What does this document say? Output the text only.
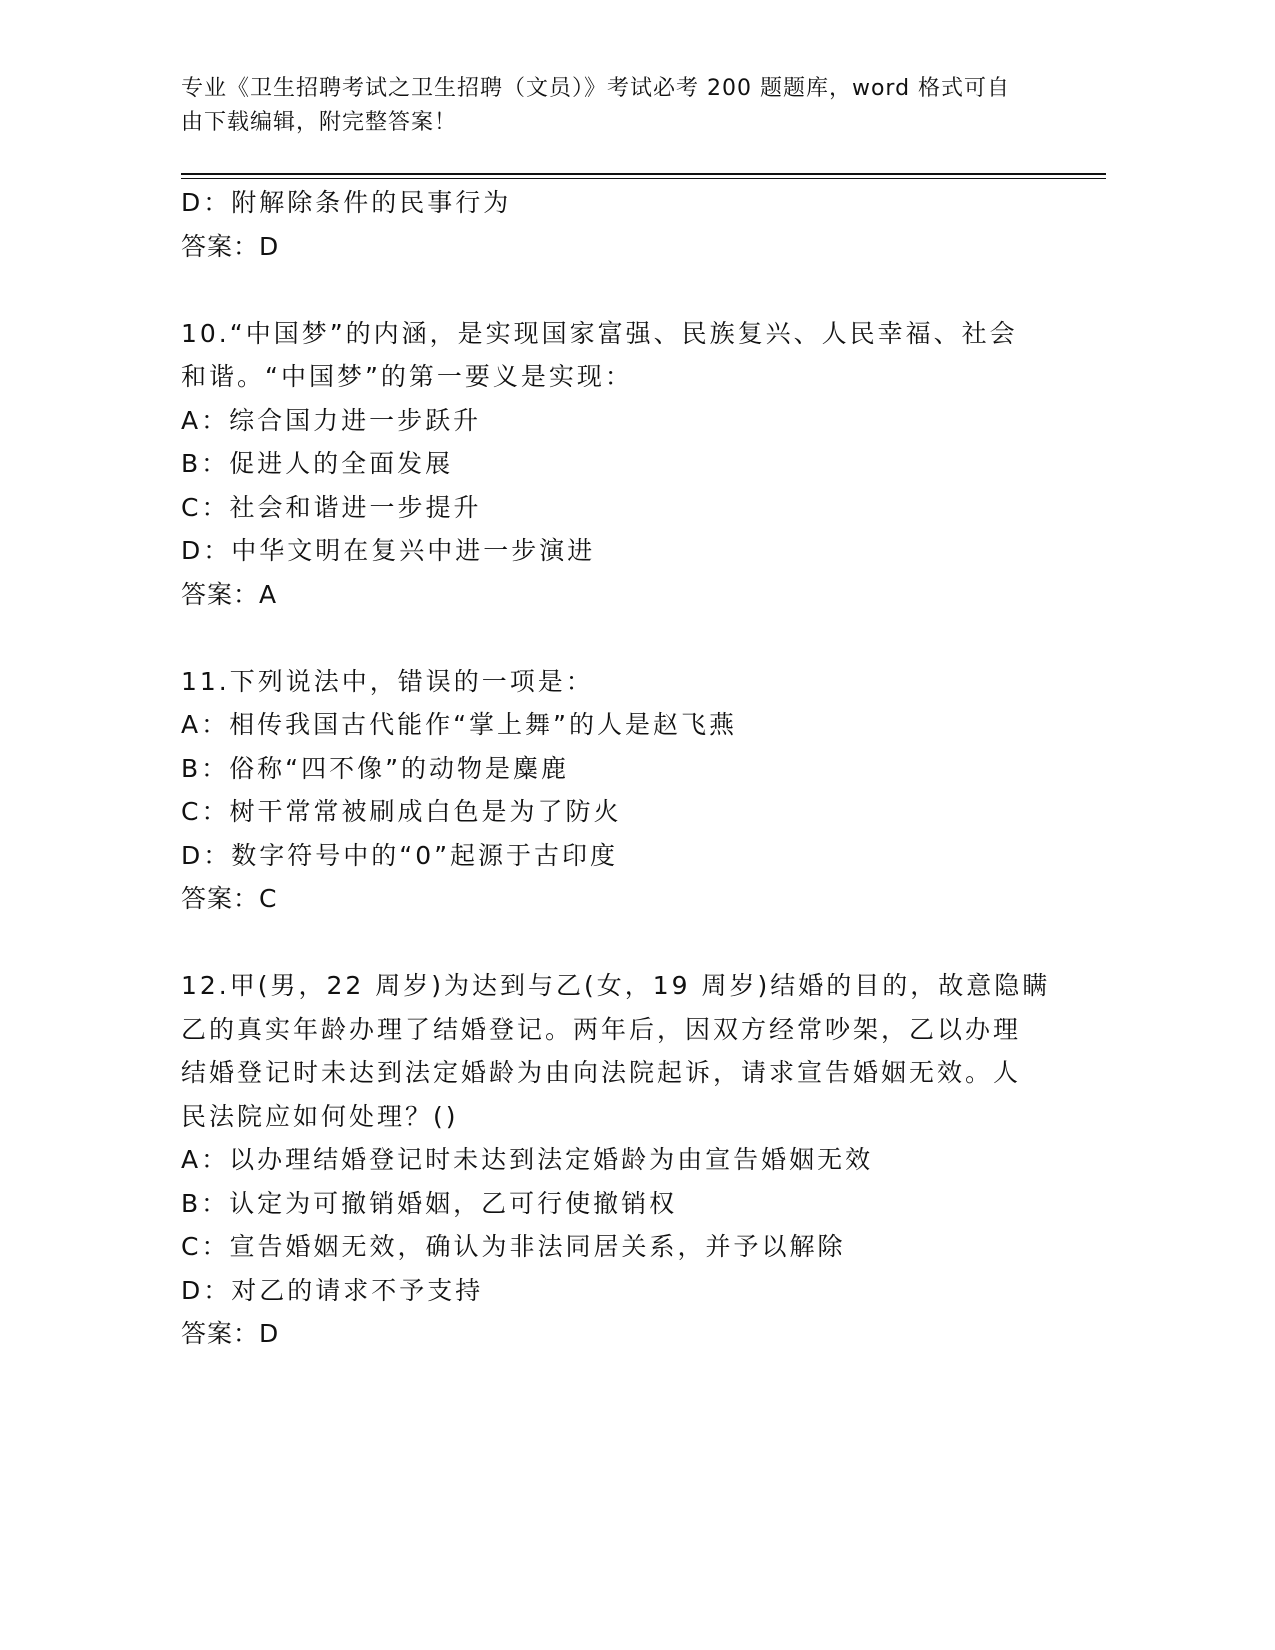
专业《卫生招聘考试之卫生招聘（文员）》考试必考 200 题题库，word 格式可自
由下载编辑，附完整答案！
D：附解除条件的民事行为
答案：D
10.“中国梦”的内涵，是实现国家富强、民族复兴、人民幸福、社会
和谐。“中国梦”的第一要义是实现：
A：综合国力进一步跃升
B：促进人的全面发展
C：社会和谐进一步提升
D：中华文明在复兴中进一步演进
答案：A
11.下列说法中，错误的一项是：
A：相传我国古代能作“掌上舞”的人是赵飞燕
B：俗称“四不像”的动物是麋鹿
C：树干常常被刷成白色是为了防火
D：数字符号中的“0”起源于古印度
答案：C
12.甲(男，22 周岁)为达到与乙(女，19 周岁)结婚的目的，故意隐瞒
乙的真实年龄办理了结婚登记。两年后，因双方经常吵架，乙以办理
结婚登记时未达到法定婚龄为由向法院起诉，请求宣告婚姻无效。人
民法院应如何处理？()
A：以办理结婚登记时未达到法定婚龄为由宣告婚姻无效
B：认定为可撤销婚姻，乙可行使撤销权
C：宣告婚姻无效，确认为非法同居关系，并予以解除
D：对乙的请求不予支持
答案：D
